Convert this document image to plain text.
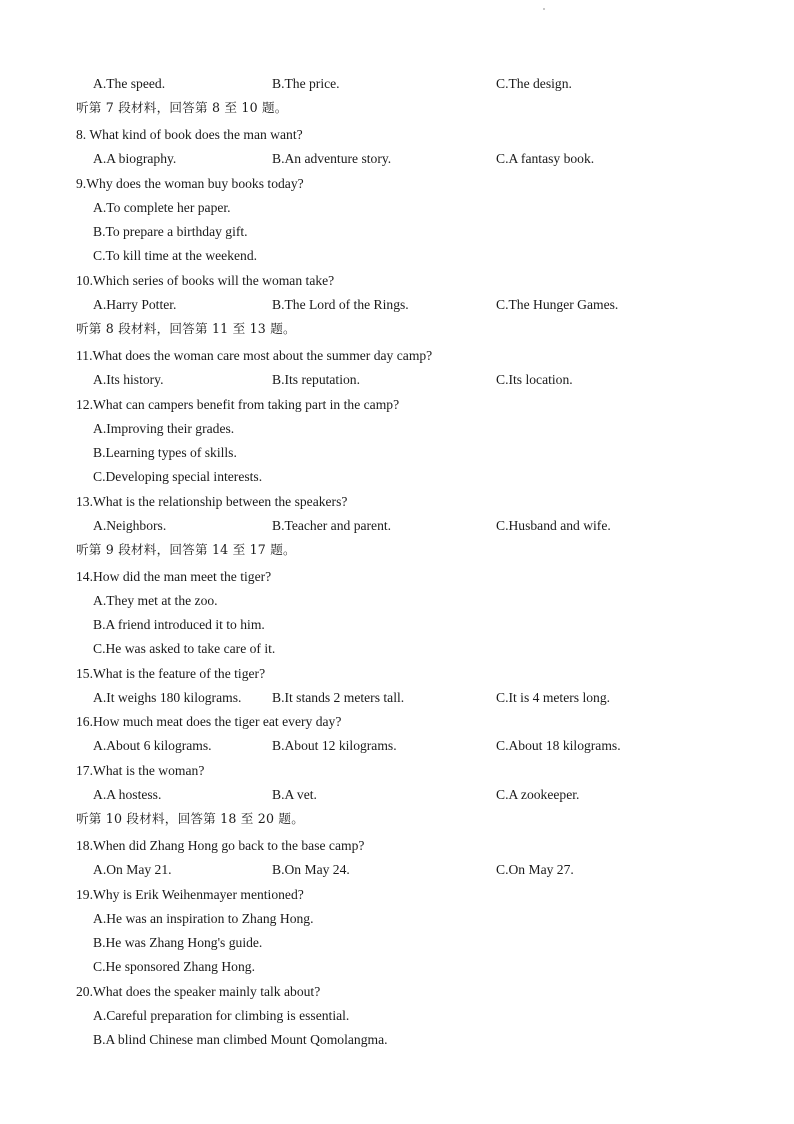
A.The speed.	B.The price.	C.The design.
听第 7 段材料，回答第 8 至 10 题。
8. What kind of book does the man want?
A.A biography.	B.An adventure story.	C.A fantasy book.
9.Why does the woman buy books today?
A.To complete her paper.
B.To prepare a birthday gift.
C.To kill time at the weekend.
10.Which series of books will the woman take?
A.Harry Potter.	B.The Lord of the Rings.	C.The Hunger Games.
听第 8 段材料，回答第 11 至 13 题。
11.What does the woman care most about the summer day camp?
A.Its history.	B.Its reputation.	C.Its location.
12.What can campers benefit from taking part in the camp?
A.Improving their grades.
B.Learning types of skills.
C.Developing special interests.
13.What is the relationship between the speakers?
A.Neighbors.	B.Teacher and parent.	C.Husband and wife.
听第 9 段材料，回答第 14 至 17 题。
14.How did the man meet the tiger?
A.They met at the zoo.
B.A friend introduced it to him.
C.He was asked to take care of it.
15.What is the feature of the tiger?
A.It weighs 180 kilograms. B.It stands 2 meters tall.	C.It is 4 meters long.
16.How much meat does the tiger eat every day?
A.About 6 kilograms.	B.About 12 kilograms.	C.About 18 kilograms.
17.What is the woman?
A.A hostess.	B.A vet.	C.A zookeeper.
听第 10 段材料，回答第 18 至 20 题。
18.When did Zhang Hong go back to the base camp?
A.On May 21.	B.On May 24.	C.On May 27.
19.Why is Erik Weihenmayer mentioned?
A.He was an inspiration to Zhang Hong.
B.He was Zhang Hong's guide.
C.He sponsored Zhang Hong.
20.What does the speaker mainly talk about?
A.Careful preparation for climbing is essential.
B.A blind Chinese man climbed Mount Qomolangma.
